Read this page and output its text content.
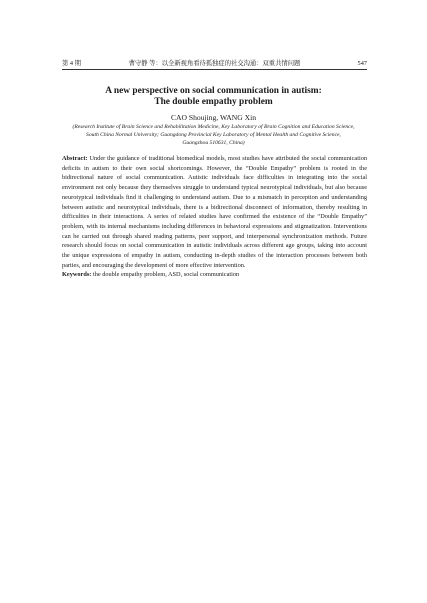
第 4 期	曹守静 等：以全新视角看待孤独症的社交沟通：双重共情问题	547
A new perspective on social communication in autism:
The double empathy problem
CAO Shoujing, WANG Xin
(Research Institute of Brain Science and Rehabilitation Medicine, Key Laboratory of Brain Cognition and Education Science,
South China Normal University; Guangdong Provincial Key Laboratory of Mental Health and Cognitive Science,
Guangzhou 510631, China)
Abstract: Under the guidance of traditional biomedical models, most studies have attributed the social communication deficits in autism to their own social shortcomings. However, the “Double Empathy” problem is rooted in the bidirectional nature of social communication. Autistic individuals face difficulties in integrating into the social environment not only because they themselves struggle to understand typical neurotypical individuals, but also because neurotypical individuals find it challenging to understand autism. Due to a mismatch in perception and understanding between autistic and neurotypical individuals, there is a bidirectional disconnect of information, thereby resulting in difficulties in their interactions. A series of related studies have confirmed the existence of the “Double Empathy” problem, with its internal mechanisms including differences in behavioral expressions and stigmatization. Interventions can be carried out through shared reading patterns, peer support, and interpersonal synchronization methods. Future research should focus on social communication in autistic individuals across different age groups, taking into account the unique expressions of empathy in autism, conducting in-depth studies of the interaction processes between both parties, and encouraging the development of more effective intervention.
Keywords: the double empathy problem, ASD, social communication
